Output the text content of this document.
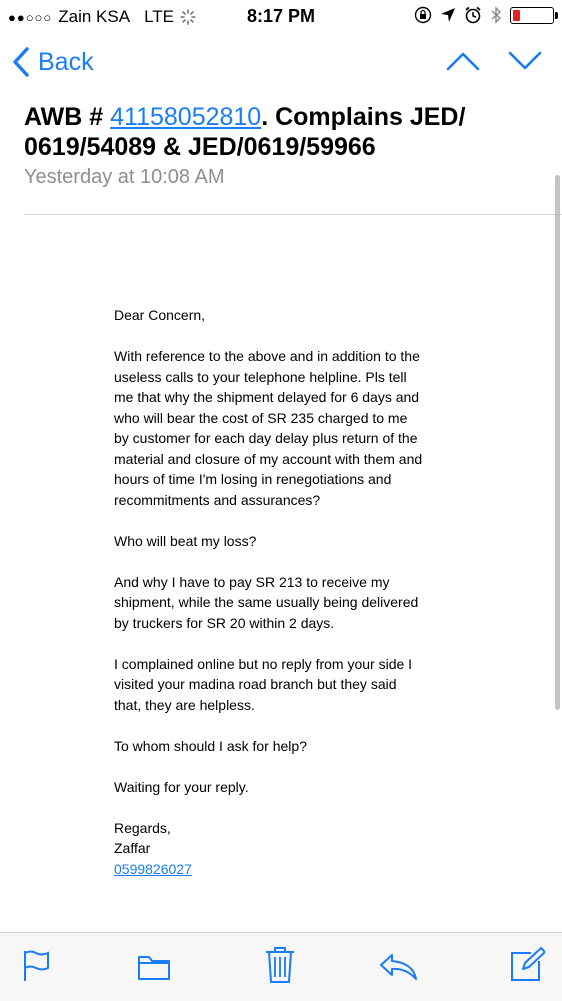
●●○○○ Zain KSA LTE	8:17 PM
Back
AWB # 41158052810. Complains JED/ 0619/54089 & JED/0619/59966
Yesterday at 10:08 AM

Dear Concern,

With reference to the above and in addition to the useless calls to your telephone helpline. Pls tell me that why the shipment delayed for 6 days and who will bear the cost of SR 235 charged to me by customer for each day delay plus return of the material and closure of my account with them and hours of time I'm losing in renegotiations and recommitments and assurances?

Who will beat my loss?

And why I have to pay SR 213 to receive my shipment, while the same usually being delivered by truckers for SR 20 within 2 days.

I complained online but no reply from your side I visited your madina road branch but they said that, they are helpless.

To whom should I ask for help?

Waiting for your reply.

Regards,

Zaffar

0599826027
